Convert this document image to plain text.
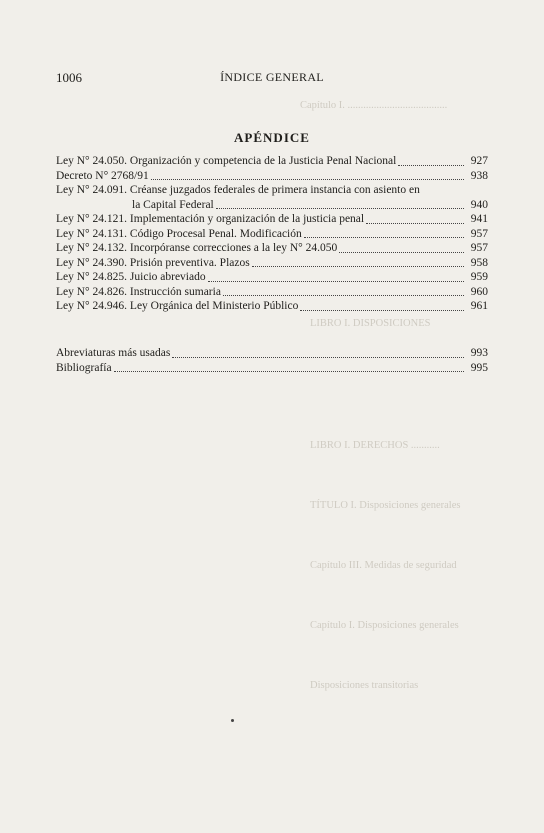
Capítulo I. ......................................
LIBRO I. DISPOSICIONES
LIBRO I. DERECHOS ...........
TÍTULO I. Disposiciones generales
Capítulo III. Medidas de seguridad
Capítulo I. Disposiciones generales
Disposiciones transitorias
1006	ÍNDICE GENERAL
APÉNDICE
Ley N° 24.050. Organización y competencia de la Justicia Penal Nacional	927
Decreto N° 2768/91	938
Ley N° 24.091. Créanse juzgados federales de primera instancia con asiento en
la Capital Federal	940
Ley N° 24.121. Implementación y organización de la justicia penal	941
Ley N° 24.131. Código Procesal Penal. Modificación	957
Ley N° 24.132. Incorpóranse correcciones a la ley N° 24.050	957
Ley N° 24.390. Prisión preventiva. Plazos	958
Ley N° 24.825. Juicio abreviado	959
Ley N° 24.826. Instrucción sumaria	960
Ley N° 24.946. Ley Orgánica del Ministerio Público	961
Abreviaturas más usadas	993
Bibliografía	995
